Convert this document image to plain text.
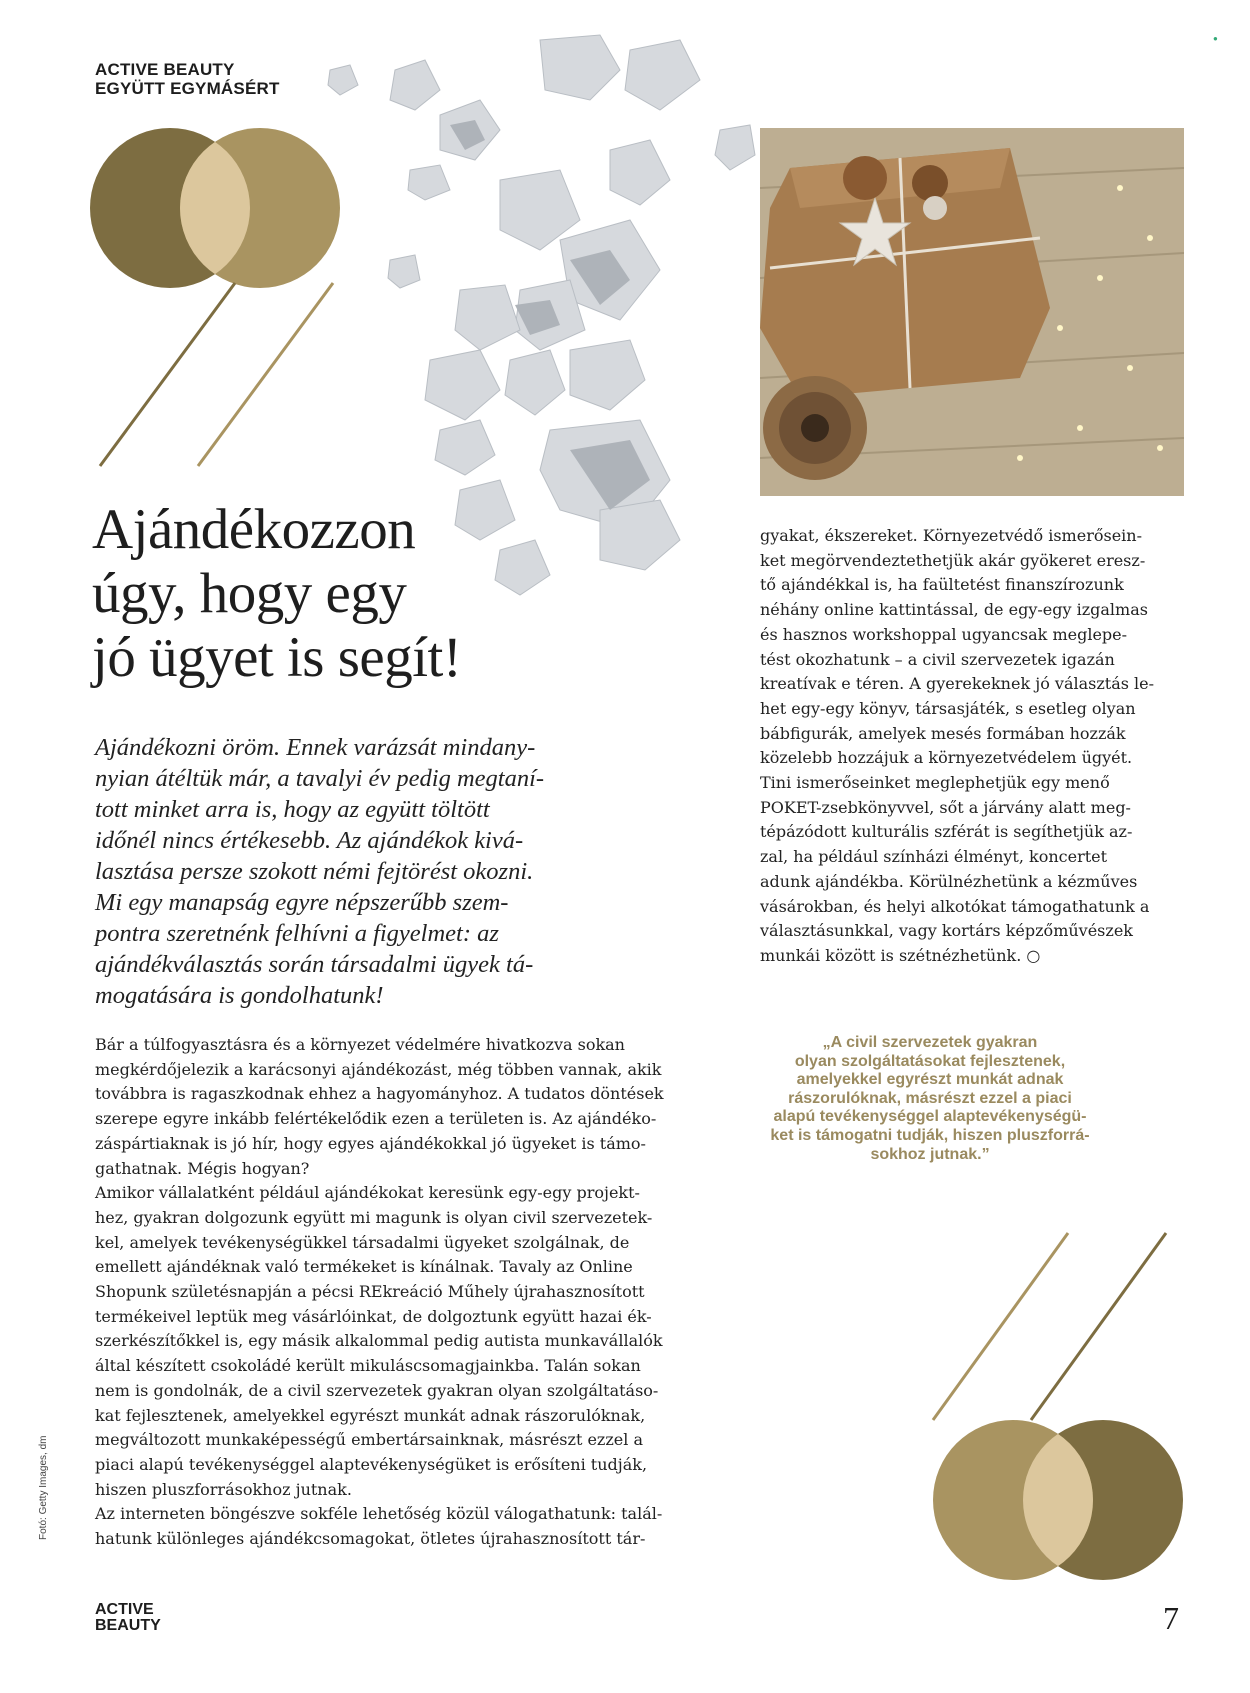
●
ACTIVE BEAUTY
EGYÜTT EGYMÁSÉRT
Ajándékozzon
úgy, hogy egy
jó ügyet is segít!
Ajándékozni öröm. Ennek varázsát mindany-
nyian átéltük már, a tavalyi év pedig megtaní-
tott minket arra is, hogy az együtt töltött
időnél nincs értékesebb. Az ajándékok kivá-
lasztása persze szokott némi fejtörést okozni.
Mi egy manapság egyre népszerűbb szem-
pontra szeretnénk felhívni a figyelmet: az
ajándékválasztás során társadalmi ügyek tá-
mogatására is gondolhatunk!
Bár a túlfogyasztásra és a környezet védelmére hivatkozva sokan
megkérdőjelezik a karácsonyi ajándékozást, még többen vannak, akik
továbbra is ragaszkodnak ehhez a hagyományhoz. A tudatos döntések
szerepe egyre inkább felértékelődik ezen a területen is. Az ajándéko-
záspártiaknak is jó hír, hogy egyes ajándékokkal jó ügyeket is támo-
gathatnak. Mégis hogyan?
Amikor vállalatként például ajándékokat keresünk egy-egy projekt-
hez, gyakran dolgozunk együtt mi magunk is olyan civil szervezetek-
kel, amelyek tevékenységükkel társadalmi ügyeket szolgálnak, de
emellett ajándéknak való termékeket is kínálnak. Tavaly az Online
Shopunk születésnapján a pécsi REkreáció Műhely újrahasznosított
termékeivel leptük meg vásárlóinkat, de dolgoztunk együtt hazai ék-
szerkészítőkkel is, egy másik alkalommal pedig autista munkavállalók
által készített csokoládé került mikuláscsomagjainkba. Talán sokan
nem is gondolnák, de a civil szervezetek gyakran olyan szolgáltatáso-
kat fejlesztenek, amelyekkel egyrészt munkát adnak rászorulóknak,
megváltozott munkaképességű embertársainknak, másrészt ezzel a
piaci alapú tevékenységgel alaptevékenységüket is erősíteni tudják,
hiszen pluszforrásokhoz jutnak.
Az interneten böngészve sokféle lehetőség közül válogathatunk: talál-
hatunk különleges ajándékcsomagokat, ötletes újrahasznosított tár-
gyakat, ékszereket. Környezetvédő ismerősein-
ket megörvendeztethetjük akár gyökeret eresz-
tő ajándékkal is, ha faültetést finanszírozunk
néhány online kattintással, de egy-egy izgalmas
és hasznos workshoppal ugyancsak meglepe-
tést okozhatunk – a civil szervezetek igazán
kreatívak e téren. A gyerekeknek jó választás le-
het egy-egy könyv, társasjáték, s esetleg olyan
bábfigurák, amelyek mesés formában hozzák
közelebb hozzájuk a környezetvédelem ügyét.
Tini ismerőseinket meglephetjük egy menő
POKET-zsebkönyvvel, sőt a járvány alatt meg-
tépázódott kulturális szférát is segíthetjük az-
zal, ha például színházi élményt, koncertet
adunk ajándékba. Körülnézhetünk a kézműves
vásárokban, és helyi alkotókat támogathatunk a
választásunkkal, vagy kortárs képzőművészek
munkái között is szétnézhetünk. ○
„A civil szervezetek gyakran
olyan szolgáltatásokat fejlesztenek,
amelyekkel egyrészt munkát adnak
rászorulóknak, másrészt ezzel a piaci
alapú tevékenységgel alaptevékenységü-
ket is támogatni tudják, hiszen pluszforrá-
sokhoz jutnak.”
Fotó: Getty Images, dm
ACTIVE
BEAUTY	7
